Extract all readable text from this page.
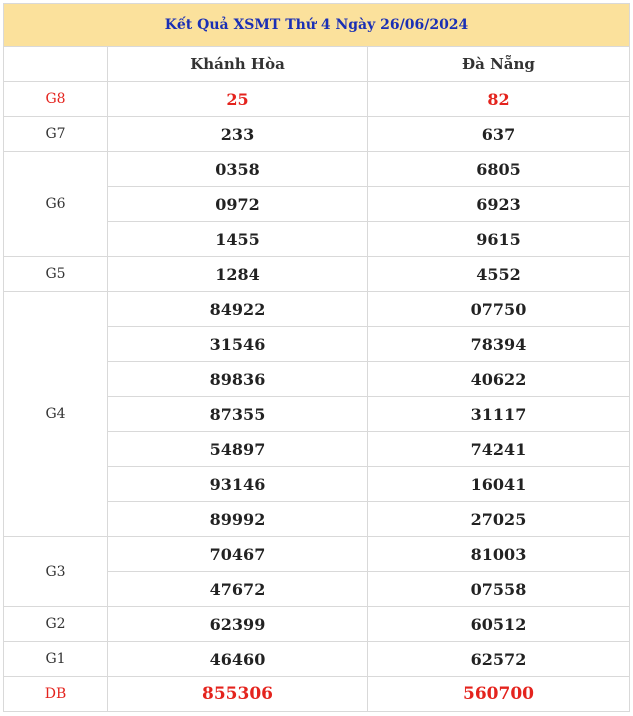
Kết Quả XSMT Thứ 4 Ngày 26/06/2024		
	Khánh Hòa	Đà Nẵng
G8	25	82
G7	233	637
G6	0358	6805
	0972	6923
	1455	9615
G5	1284	4552
G4	84922	07750
	31546	78394
	89836	40622
	87355	31117
	54897	74241
	93146	16041
	89992	27025
G3	70467	81003
	47672	07558
G2	62399	60512
G1	46460	62572
DB	855306	560700
